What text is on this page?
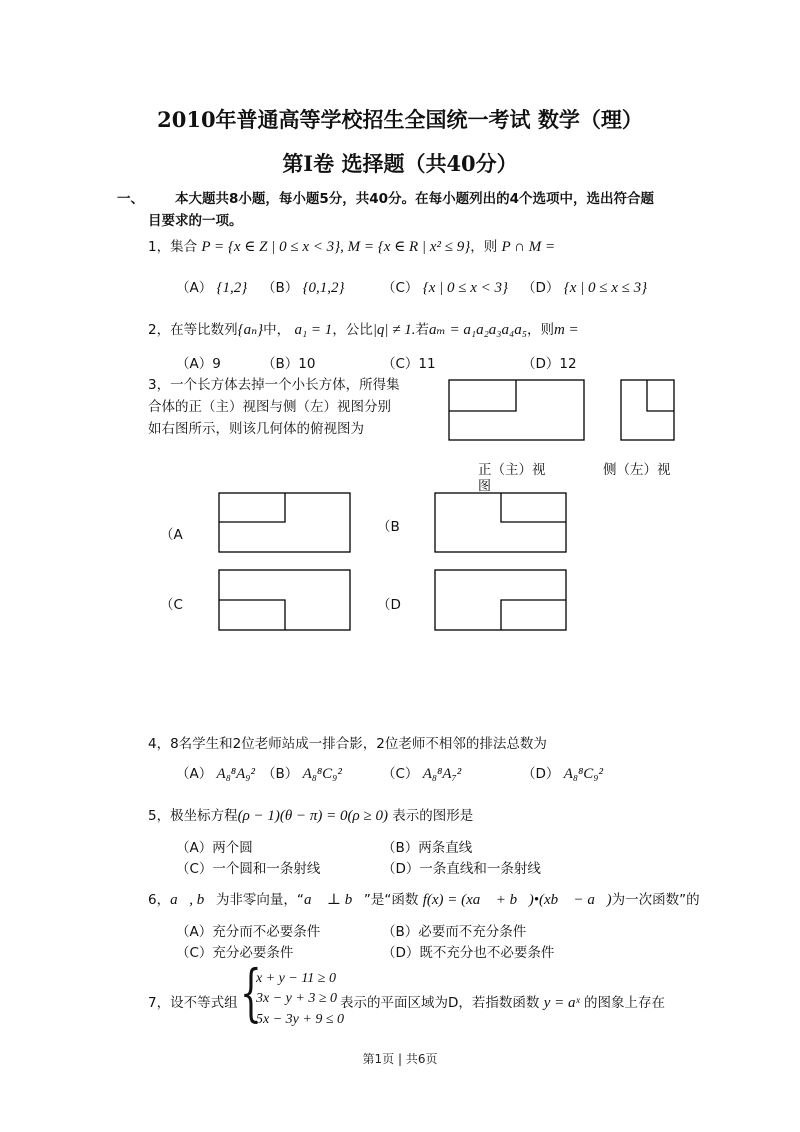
2010年普通高等学校招生全国统一考试 数学（理）
第I卷 选择题（共40分）
一、 本大题共8小题，每小题5分，共40分。在每小题列出的4个选项中，选出符合题
目要求的一项。
1，集合 P = {x ∈ Z | 0 ≤ x < 3}, M = {x ∈ R | x² ≤ 9}，则 P ∩ M =
（A） {1,2} （B） {0,1,2}	（C） {x | 0 ≤ x < 3} （D） {x | 0 ≤ x ≤ 3}
2，在等比数列{aₙ}中， a₁ = 1，公比|q| ≠ 1.若aₘ = a₁a₂a₃a₄a₅，则m =
（A）9	（B）10	（C）11	（D）12
3，一个长方体去掉一个小长方体，所得集
合体的正（主）视图与侧（左）视图分别
如右图所示，则该几何体的俯视图为
正（主）视
图
侧（左）视
（A	（B
（C	（D
4，8名学生和2位老师站成一排合影，2位老师不相邻的排法总数为
（A） A₈⁸A₉² （B） A₈⁸C₉²	（C） A₈⁸A₇²	（D） A₈⁸C₉²
5，极坐标方程(ρ − 1)(θ − π) = 0(ρ ≥ 0) 表示的图形是
（A）两个圆	（B）两条直线
（C）一个圆和一条射线	（D）一条直线和一条射线
6，a⃗, b⃗为非零向量，“a⃗ ⊥ b⃗”是“函数 f(x) = (xa⃗ + b⃗)•(xb⃗ − a⃗)为一次函数”的
（A）充分而不必要条件	（B）必要而不充分条件
（C）充分必要条件	（D）既不充分也不必要条件
7，设不等式组 {
x + y − 11 ≥ 0
3x − y + 3 ≥ 0
5x − 3y + 9 ≤ 0
表示的平面区域为D，若指数函数 y = aˣ 的图象上存在
第1页 | 共6页
